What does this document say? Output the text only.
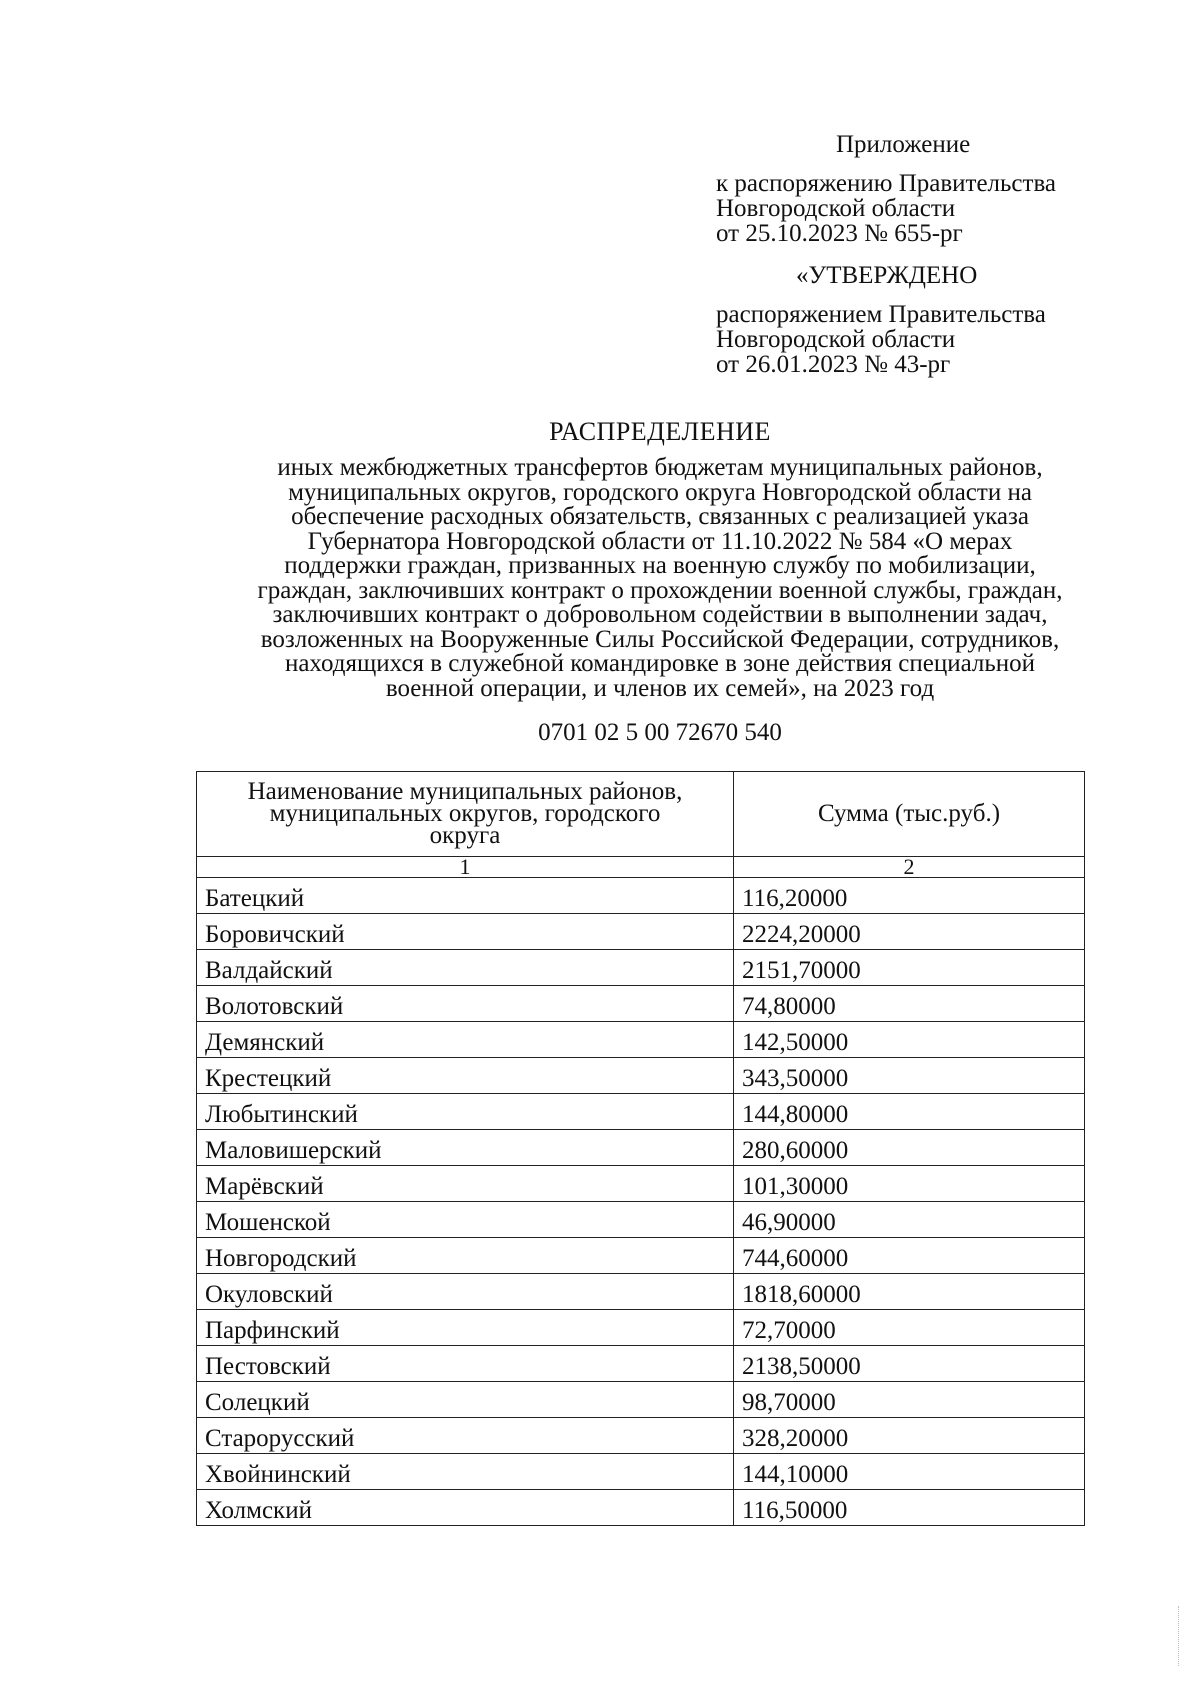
Приложение
к распоряжению Правительства
Новгородской области
от 25.10.2023 № 655-рг
«УТВЕРЖДЕНО
распоряжением Правительства
Новгородской области
от 26.01.2023 № 43-рг
РАСПРЕДЕЛЕНИЕ
иных межбюджетных трансфертов бюджетам муниципальных районов,
муниципальных округов, городского округа Новгородской области на
обеспечение расходных обязательств, связанных с реализацией указа
Губернатора Новгородской области от 11.10.2022 № 584 «О мерах
поддержки граждан, призванных на военную службу по мобилизации,
граждан, заключивших контракт о прохождении военной службы, граждан,
заключивших контракт о добровольном содействии в выполнении задач,
возложенных на Вооруженные Силы Российской Федерации, сотрудников,
находящихся в служебной командировке в зоне действия специальной
военной операции, и членов их семей», на 2023 год
0701 02 5 00 72670 540
Наименование муниципальных районов,
муниципальных округов, городского
округа	Сумма (тыс.руб.)
1	2
Батецкий	116,20000
Боровичский	2224,20000
Валдайский	2151,70000
Волотовский	74,80000
Демянский	142,50000
Крестецкий	343,50000
Любытинский	144,80000
Маловишерский	280,60000
Марёвский	101,30000
Мошенской	46,90000
Новгородский	744,60000
Окуловский	1818,60000
Парфинский	72,70000
Пестовский	2138,50000
Солецкий	98,70000
Старорусский	328,20000
Хвойнинский	144,10000
Холмский	116,50000
